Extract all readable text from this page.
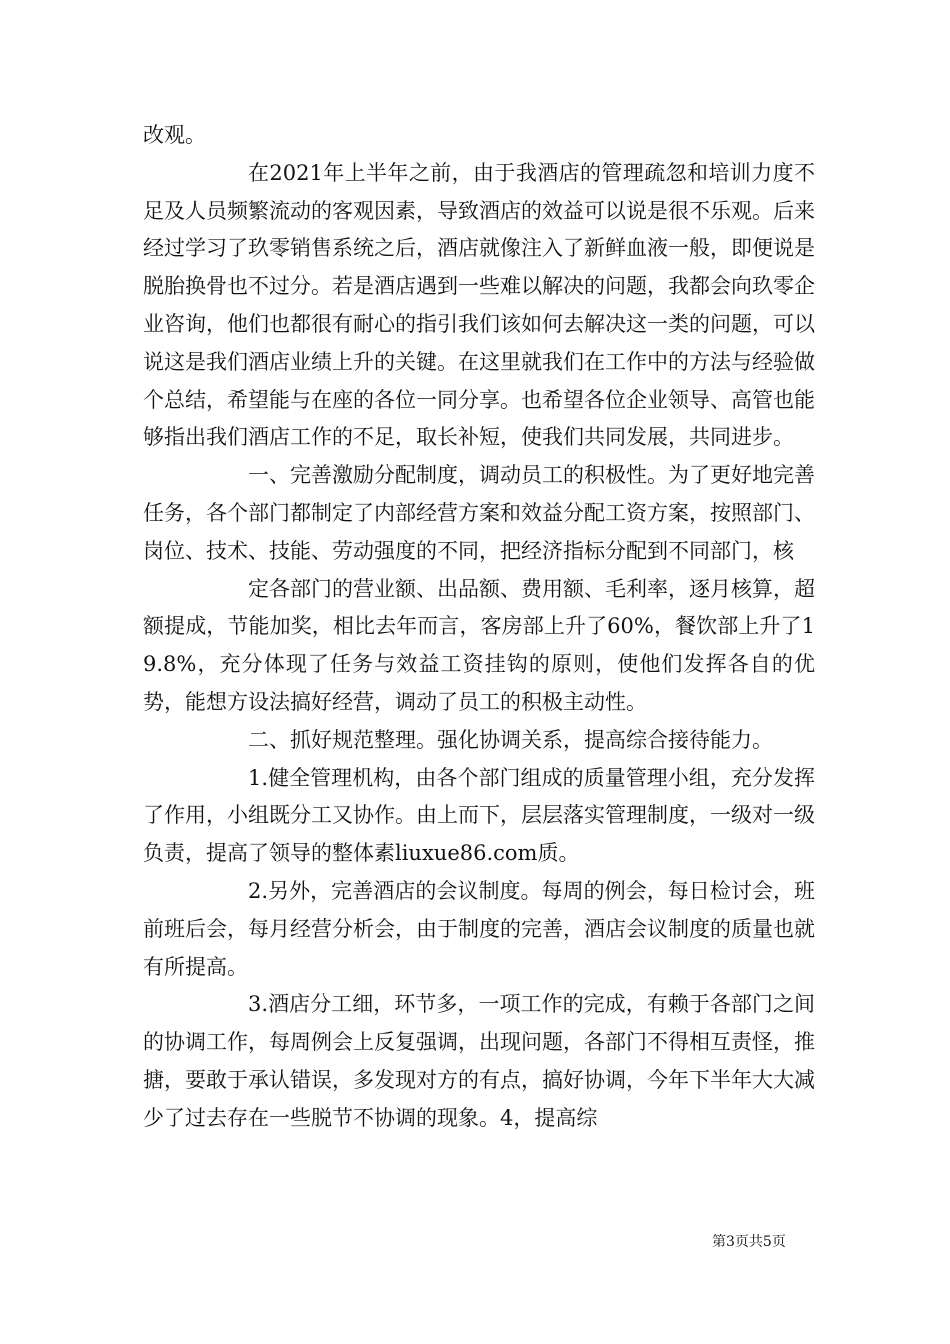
改观。

在2021年上半年之前，由于我酒店的管理疏忽和培训力度不足及人员频繁流动的客观因素，导致酒店的效益可以说是很不乐观。后来经过学习了玖零销售系统之后，酒店就像注入了新鲜血液一般，即便说是脱胎换骨也不过分。若是酒店遇到一些难以解决的问题，我都会向玖零企业咨询，他们也都很有耐心的指引我们该如何去解决这一类的问题，可以说这是我们酒店业绩上升的关键。在这里就我们在工作中的方法与经验做个总结，希望能与在座的各位一同分享。也希望各位企业领导、高管也能够指出我们酒店工作的不足，取长补短，使我们共同发展，共同进步。

一、完善激励分配制度，调动员工的积极性。为了更好地完善任务，各个部门都制定了内部经营方案和效益分配工资方案，按照部门、岗位、技术、技能、劳动强度的不同，把经济指标分配到不同部门，核

定各部门的营业额、出品额、费用额、毛利率，逐月核算，超额提成，节能加奖，相比去年而言，客房部上升了60%，餐饮部上升了19.8%，充分体现了任务与效益工资挂钩的原则，使他们发挥各自的优势，能想方设法搞好经营，调动了员工的积极主动性。

二、抓好规范整理。强化协调关系，提高综合接待能力。

1.健全管理机构，由各个部门组成的质量管理小组，充分发挥了作用，小组既分工又协作。由上而下，层层落实管理制度，一级对一级负责，提高了领导的整体素liuxue86.com质。

2.另外，完善酒店的会议制度。每周的例会，每日检讨会，班前班后会，每月经营分析会，由于制度的完善，酒店会议制度的质量也就有所提高。

3.酒店分工细，环节多，一项工作的完成，有赖于各部门之间的协调工作，每周例会上反复强调，出现问题，各部门不得相互责怪，推搪，要敢于承认错误，多发现对方的有点，搞好协调，今年下半年大大减少了过去存在一些脱节不协调的现象。4，提高综

第3页共5页
